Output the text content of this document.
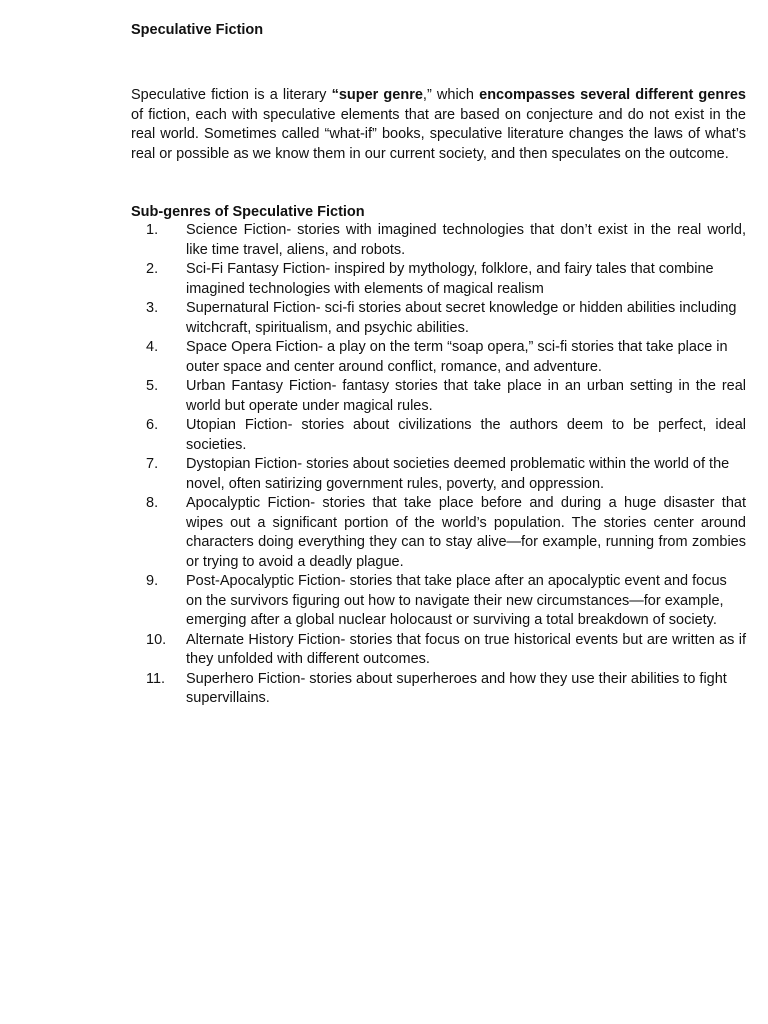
Speculative Fiction

Speculative fiction is a literary “super genre,” which encompasses several different genres of fiction, each with speculative elements that are based on conjecture and do not exist in the real world. Sometimes called “what-if” books, speculative literature changes the laws of what’s real or possible as we know them in our current society, and then speculates on the outcome.

Sub-genres of Speculative Fiction
1.	Science Fiction- stories with imagined technologies that don’t exist in the real world, like time travel, aliens, and robots.
2.	Sci-Fi Fantasy Fiction- inspired by mythology, folklore, and fairy tales that combine imagined technologies with elements of magical realism
3.	Supernatural Fiction- sci-fi stories about secret knowledge or hidden abilities including witchcraft, spiritualism, and psychic abilities.
4.	Space Opera Fiction- a play on the term “soap opera,” sci-fi stories that take place in outer space and center around conflict, romance, and adventure.
5.	Urban Fantasy Fiction- fantasy stories that take place in an urban setting in the real world but operate under magical rules.
6.	Utopian Fiction- stories about civilizations the authors deem to be perfect, ideal societies.
7.	Dystopian Fiction- stories about societies deemed problematic within the world of the novel, often satirizing government rules, poverty, and oppression.
8.	Apocalyptic Fiction- stories that take place before and during a huge disaster that wipes out a significant portion of the world’s population. The stories center around characters doing everything they can to stay alive—for example, running from zombies or trying to avoid a deadly plague.
9.	Post-Apocalyptic Fiction- stories that take place after an apocalyptic event and focus on the survivors figuring out how to navigate their new circumstances—for example, emerging after a global nuclear holocaust or surviving a total breakdown of society.
10.	Alternate History Fiction- stories that focus on true historical events but are written as if they unfolded with different outcomes.
11.	Superhero Fiction- stories about superheroes and how they use their abilities to fight supervillains.
